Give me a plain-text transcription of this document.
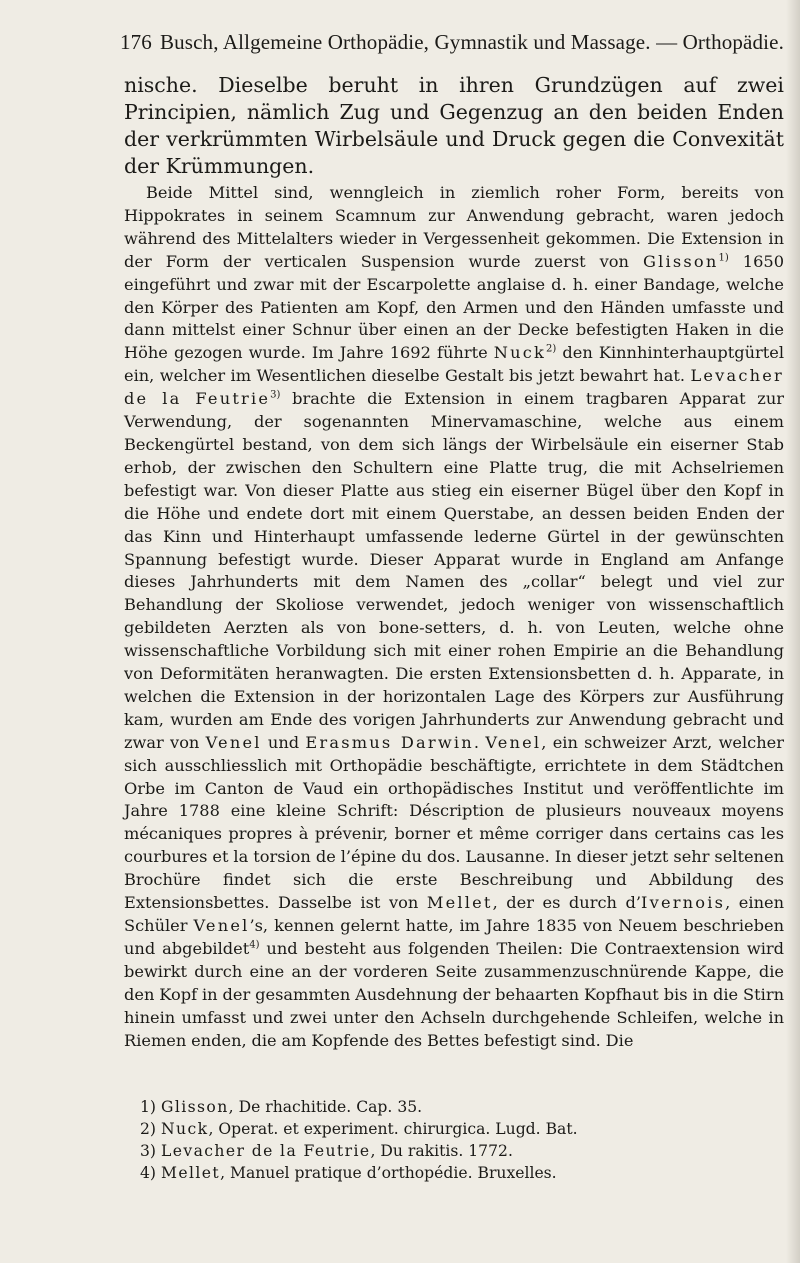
176 Busch, Allgemeine Orthopädie, Gymnastik und Massage. — Orthopädie.

nische. Dieselbe beruht in ihren Grundzügen auf zwei Principien, nämlich Zug und Gegenzug an den beiden Enden der verkrümmten Wirbelsäule und Druck gegen die Convexität der Krümmungen.

Beide Mittel sind, wenngleich in ziemlich roher Form, bereits von Hippokrates in seinem Scamnum zur Anwendung gebracht, waren jedoch während des Mittelalters wieder in Vergessenheit gekommen. Die Extension in der Form der verticalen Suspension wurde zuerst von Glisson$^{1)}$ 1650 eingeführt und zwar mit der Escarpolette anglaise d. h. einer Bandage, welche den Körper des Patienten am Kopf, den Armen und den Händen umfasste und dann mittelst einer Schnur über einen an der Decke befestigten Haken in die Höhe gezogen wurde. Im Jahre 1692 führte Nuck$^{2)}$ den Kinnhinterhauptgürtel ein, welcher im Wesentlichen dieselbe Gestalt bis jetzt bewahrt hat. Levacher de la Feutrie$^{3)}$ brachte die Extension in einem tragbaren Apparat zur Verwendung, der sogenannten Minervamaschine, welche aus einem Beckengürtel bestand, von dem sich längs der Wirbelsäule ein eiserner Stab erhob, der zwischen den Schultern eine Platte trug, die mit Achselriemen befestigt war. Von dieser Platte aus stieg ein eiserner Bügel über den Kopf in die Höhe und endete dort mit einem Querstabe, an dessen beiden Enden der das Kinn und Hinterhaupt umfassende lederne Gürtel in der gewünschten Spannung befestigt wurde. Dieser Apparat wurde in England am Anfange dieses Jahrhunderts mit dem Namen des „collar“ belegt und viel zur Behandlung der Skoliose verwendet, jedoch weniger von wissenschaftlich gebildeten Aerzten als von bone-setters, d. h. von Leuten, welche ohne wissenschaftliche Vorbildung sich mit einer rohen Empirie an die Behandlung von Deformitäten heranwagten. Die ersten Extensionsbetten d. h. Apparate, in welchen die Extension in der horizontalen Lage des Körpers zur Ausführung kam, wurden am Ende des vorigen Jahrhunderts zur Anwendung gebracht und zwar von Venel und Erasmus Darwin. Venel, ein schweizer Arzt, welcher sich ausschliesslich mit Orthopädie beschäftigte, errichtete in dem Städtchen Orbe im Canton de Vaud ein orthopädisches Institut und veröffentlichte im Jahre 1788 eine kleine Schrift: Déscription de plusieurs nouveaux moyens mécaniques propres à prévenir, borner et même corriger dans certains cas les courbures et la torsion de l’épine du dos. Lausanne. In dieser jetzt sehr seltenen Brochüre findet sich die erste Beschreibung und Abbildung des Extensionsbettes. Dasselbe ist von Mellet, der es durch d’Ivernois, einen Schüler Venel’s, kennen gelernt hatte, im Jahre 1835 von Neuem beschrieben und abgebildet$^{4)}$ und besteht aus folgenden Theilen: Die Contraextension wird bewirkt durch eine an der vorderen Seite zusammenzuschnürende Kappe, die den Kopf in der gesammten Ausdehnung der behaarten Kopfhaut bis in die Stirn hinein umfasst und zwei unter den Achseln durchgehende Schleifen, welche in Riemen enden, die am Kopfende des Bettes befestigt sind. Die

1) Glisson, De rhachitide. Cap. 35.
2) Nuck, Operat. et experiment. chirurgica. Lugd. Bat.
3) Levacher de la Feutrie, Du rakitis. 1772.
4) Mellet, Manuel pratique d’orthopédie. Bruxelles.
